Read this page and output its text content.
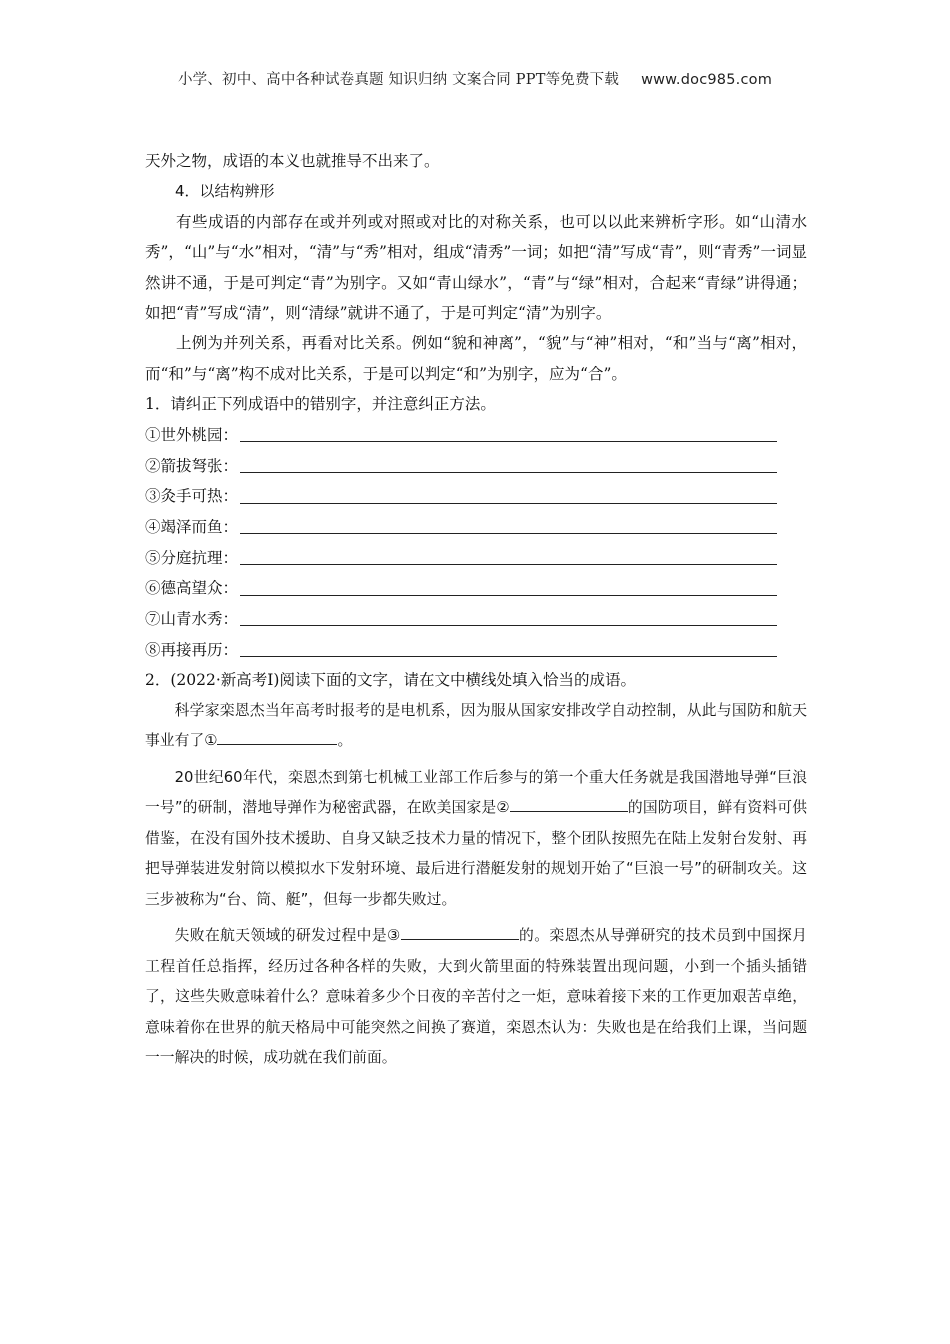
小学、初中、高中各种试卷真题 知识归纳 文案合同 PPT等免费下载 www.doc985.com

天外之物，成语的本义也就推导不出来了。

4．以结构辨形

有些成语的内部存在或并列或对照或对比的对称关系，也可以以此来辨析字形。如“山清水秀”，“山”与“水”相对，“清”与“秀”相对，组成“清秀”一词；如把“清”写成“青”，则“青秀”一词显然讲不通，于是可判定“青”为别字。又如“青山绿水”，“青”与“绿”相对，合起来“青绿”讲得通；如把“青”写成“清”，则“清绿”就讲不通了，于是可判定“清”为别字。

上例为并列关系，再看对比关系。例如“貌和神离”，“貌”与“神”相对，“和”当与“离”相对，而“和”与“离”构不成对比关系，于是可以判定“和”为别字，应为“合”。

1．请纠正下列成语中的错别字，并注意纠正方法。

①世外桃园：
②箭拔弩张：
③灸手可热：
④竭泽而鱼：
⑤分庭抗理：
⑥德高望众：
⑦山青水秀：
⑧再接再历：

2．(2022·新高考Ⅰ)阅读下面的文字，请在文中横线处填入恰当的成语。

科学家栾恩杰当年高考时报考的是电机系，因为服从国家安排改学自动控制，从此与国防和航天事业有了①	。

20世纪60年代，栾恩杰到第七机械工业部工作后参与的第一个重大任务就是我国潜地导弹“巨浪一号”的研制，潜地导弹作为秘密武器，在欧美国家是②	的国防项目，鲜有资料可供借鉴，在没有国外技术援助、自身又缺乏技术力量的情况下，整个团队按照先在陆上发射台发射、再把导弹装进发射筒以模拟水下发射环境、最后进行潜艇发射的规划开始了“巨浪一号”的研制攻关。这三步被称为“台、筒、艇”，但每一步都失败过。

失败在航天领域的研发过程中是③	的。栾恩杰从导弹研究的技术员到中国探月工程首任总指挥，经历过各种各样的失败，大到火箭里面的特殊装置出现问题，小到一个插头插错了，这些失败意味着什么？意味着多少个日夜的辛苦付之一炬，意味着接下来的工作更加艰苦卓绝，意味着你在世界的航天格局中可能突然之间换了赛道，栾恩杰认为：失败也是在给我们上课，当问题一一解决的时候，成功就在我们前面。
